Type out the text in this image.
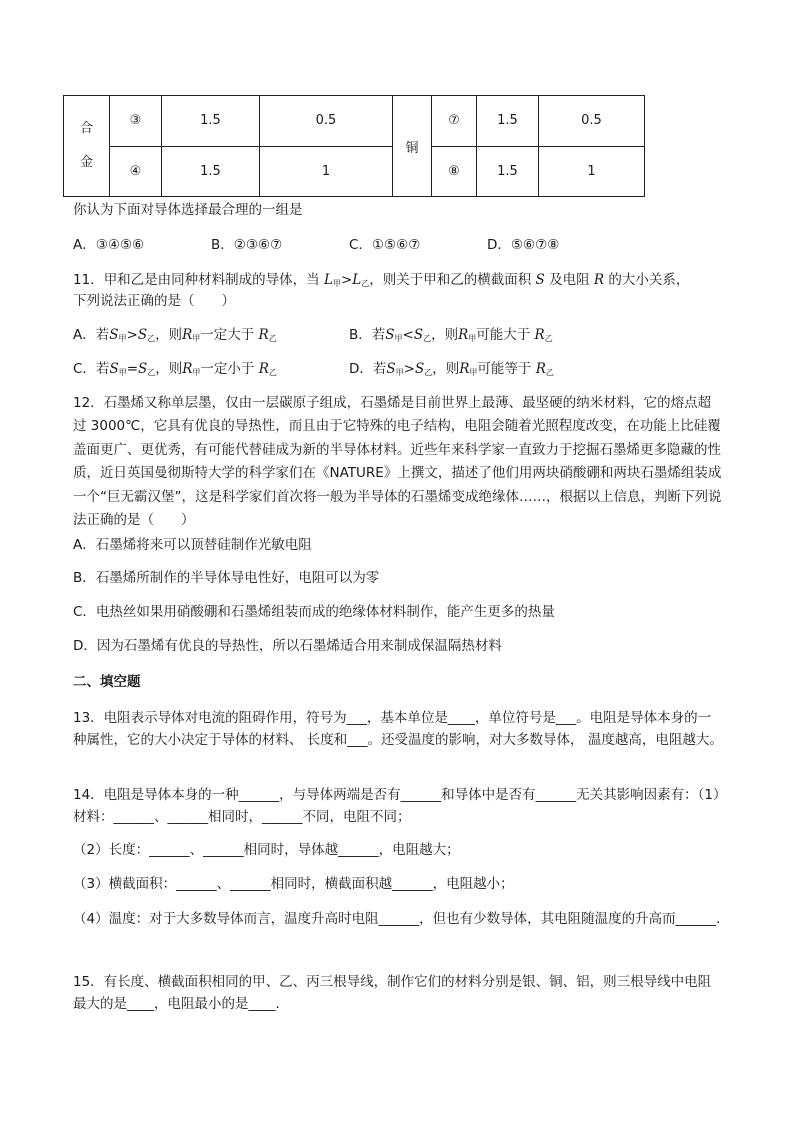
合
金	③	1.5	0.5	铜	⑦	1.5	0.5
	④	1.5	1		⑧	1.5	1
你认为下面对导体选择最合理的一组是
A．③④⑤⑥	B．②③⑥⑦	C．①⑤⑥⑦	D．⑤⑥⑦⑧
11．甲和乙是由同种材料制成的导体，当 $L_甲>L_乙$，则关于甲和乙的横截面积 S 及电阻 R 的大小关系，
下列说法正确的是（　　）
A．若$S_甲>S_乙$，则$R_甲$一定大于 $R_乙$	B．若$S_甲<S_乙$，则$R_甲$可能大于 $R_乙$
C．若$S_甲=S_乙$，则$R_甲$一定小于 $R_乙$	D．若$S_甲>S_乙$，则$R_甲$可能等于 $R_乙$
12．石墨烯又称单层墨，仅由一层碳原子组成，石墨烯是目前世界上最薄、最坚硬的纳米材料，它的熔点超过 3000℃，它具有优良的导热性，而且由于它特殊的电子结构，电阻会随着光照程度改变，在功能上比硅覆盖面更广、更优秀，有可能代替硅成为新的半导体材料。近些年来科学家一直致力于挖掘石墨烯更多隐藏的性质，近日英国曼彻斯特大学的科学家们在《NATURE》上撰文，描述了他们用两块硝酸硼和两块石墨烯组装成一个“巨无霸汉堡”，这是科学家们首次将一般为半导体的石墨烯变成绝缘体……，根据以上信息，判断下列说法正确的是（　　）
A．石墨烯将来可以顶替硅制作光敏电阻
B．石墨烯所制作的半导体导电性好，电阻可以为零
C．电热丝如果用硝酸硼和石墨烯组装而成的绝缘体材料制作，能产生更多的热量
D．因为石墨烯有优良的导热性，所以石墨烯适合用来制成保温隔热材料
二、填空题
13．电阻表示导体对电流的阻碍作用，符号为___，基本单位是____，单位符号是___。电阻是导体本身的一种属性，它的大小决定于导体的材料、 长度和___。还受温度的影响，对大多数导体， 温度越高，电阻越大。
14．电阻是导体本身的一种______，与导体两端是否有______和导体中是否有______无关其影响因素有：（1）材料：______、______相同时，______不同，电阻不同；
（2）长度：______、______相同时，导体越______，电阻越大；
（3）横截面积：______、______相同时，横截面积越______，电阻越小；
（4）温度：对于大多数导体而言，温度升高时电阻______，但也有少数导体，其电阻随温度的升高而______.
15．有长度、横截面积相同的甲、乙、丙三根导线，制作它们的材料分别是银、铜、铝，则三根导线中电阻最大的是____，电阻最小的是____.
